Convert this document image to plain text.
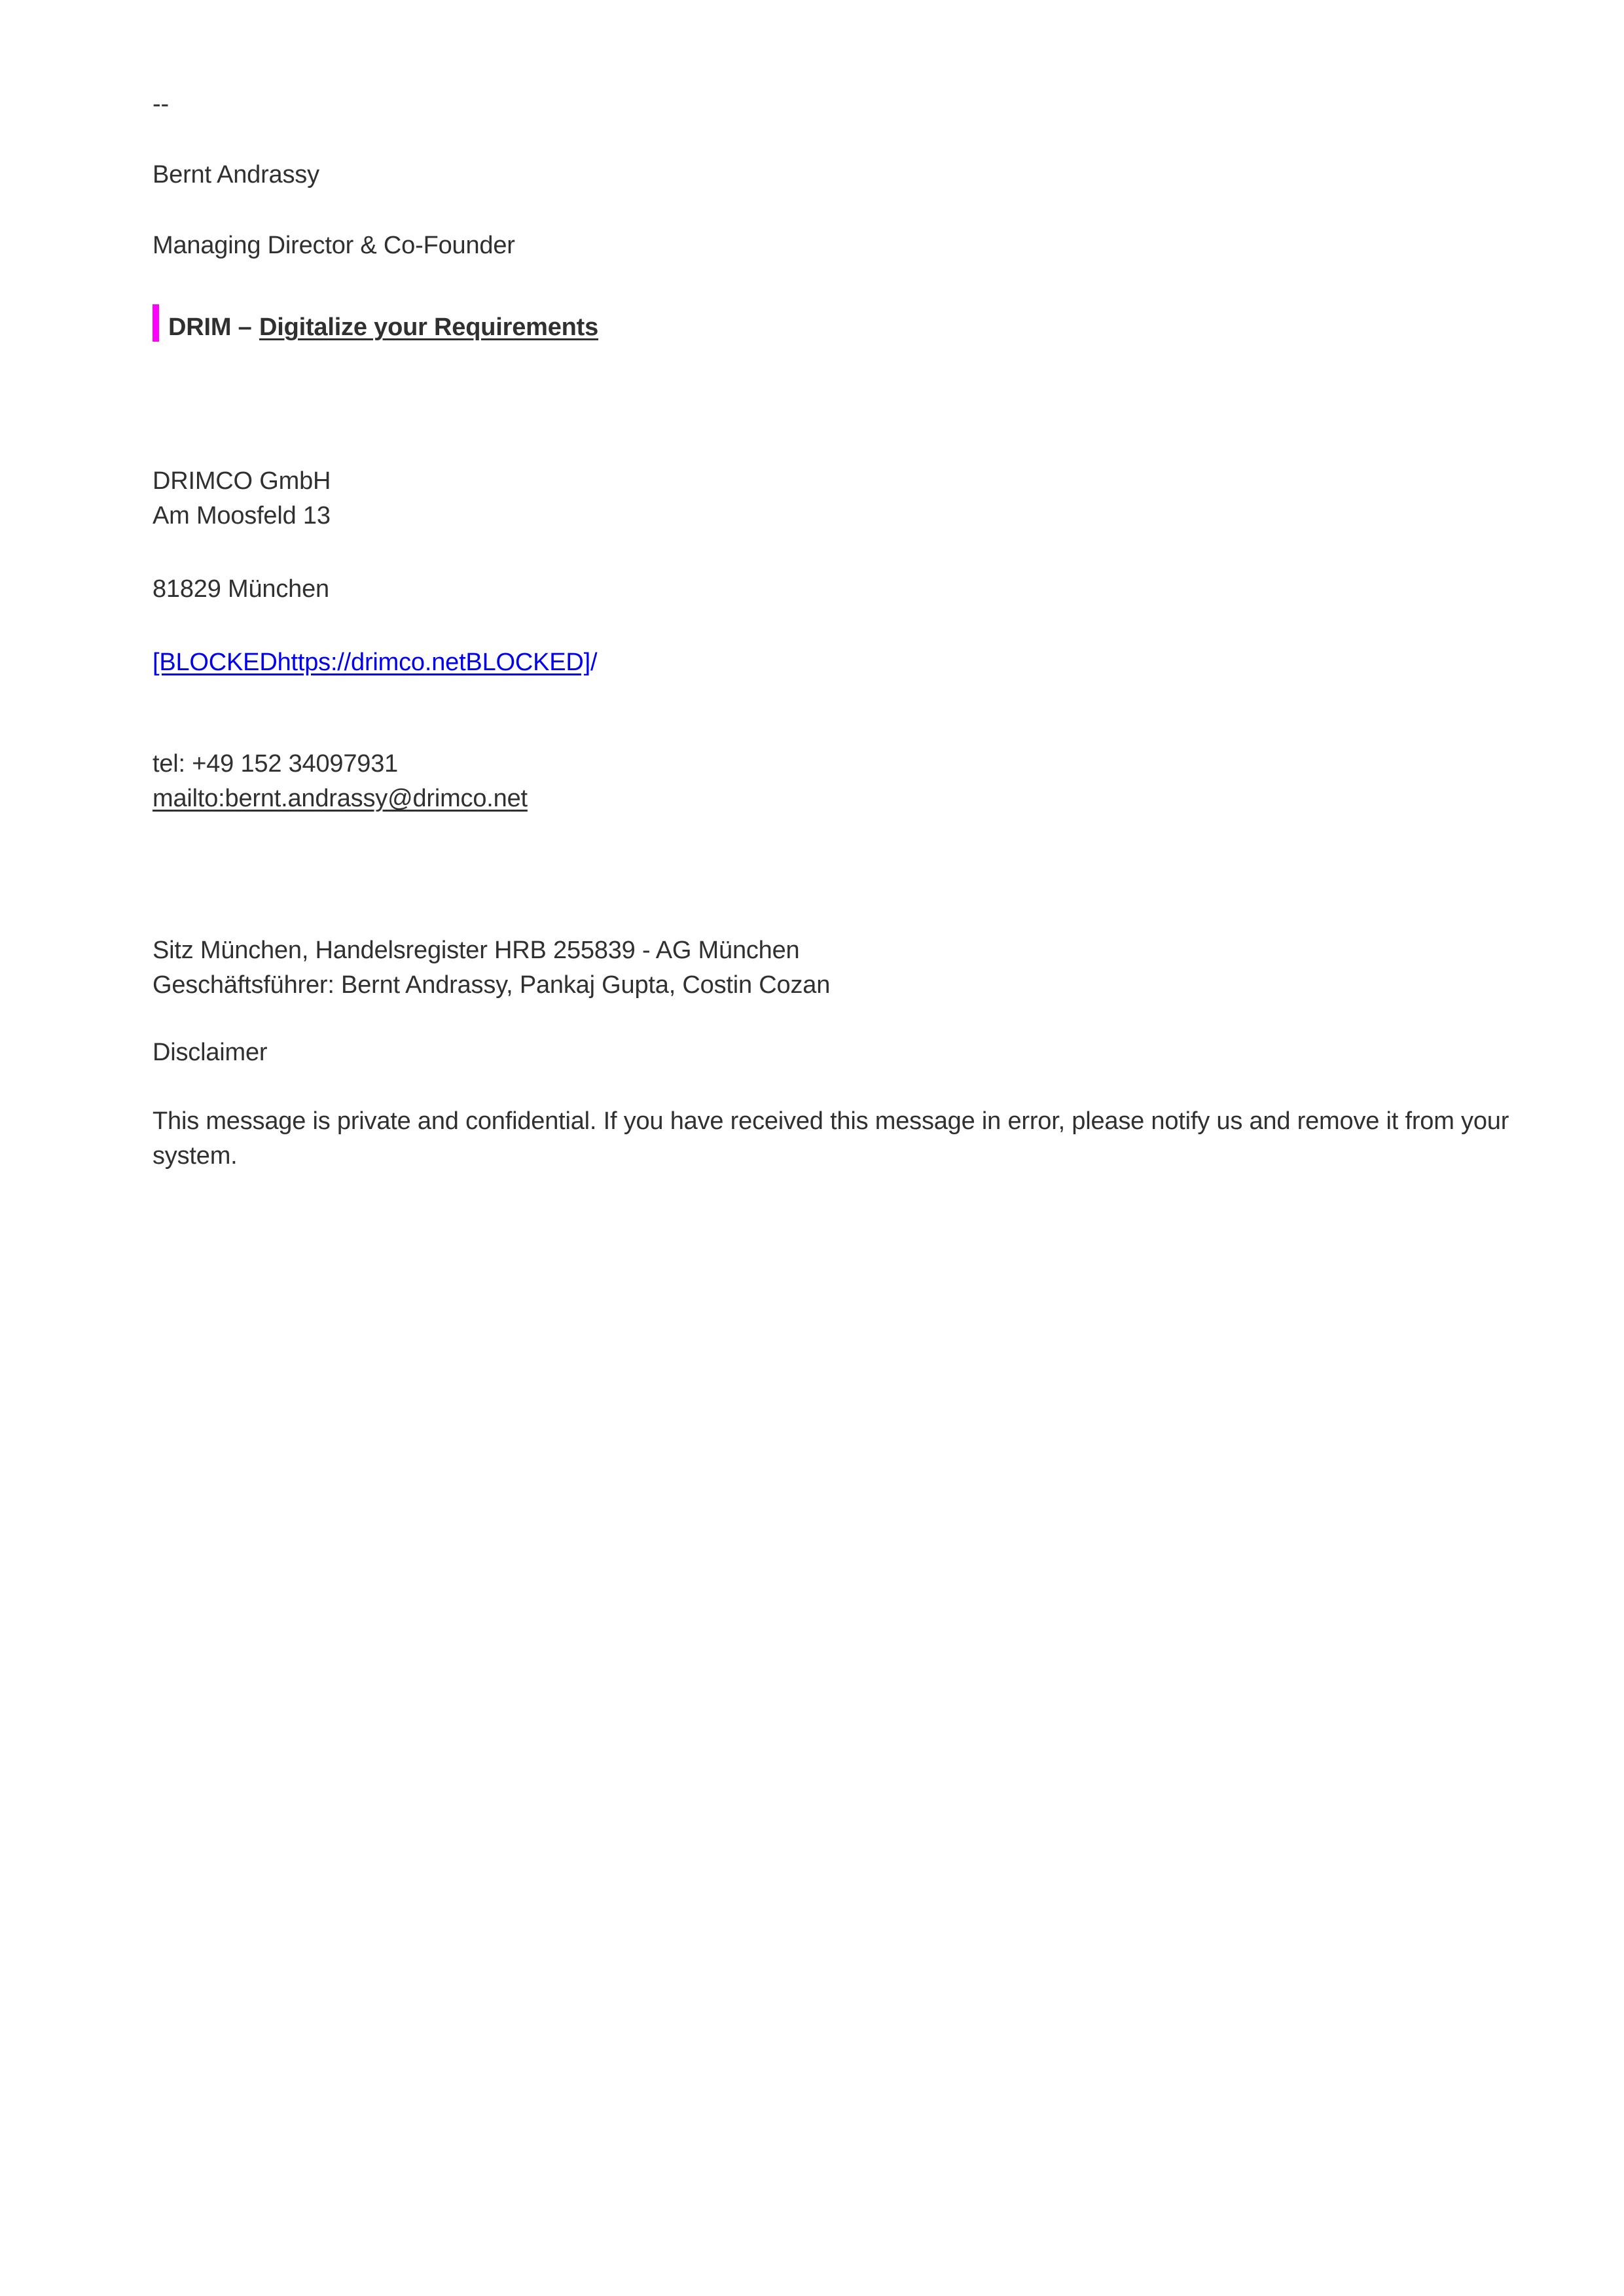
--

Bernt Andrassy

Managing Director & Co-Founder

DRIM – Digitalize your Requirements

DRIMCO GmbH
Am Moosfeld 13

81829 München

[BLOCKEDhttps://drimco.netBLOCKED]/

tel: +49 152 34097931
mailto:bernt.andrassy@drimco.net

Sitz München, Handelsregister HRB 255839 - AG München
Geschäftsführer: Bernt Andrassy, Pankaj Gupta, Costin Cozan

Disclaimer

This message is private and confidential. If you have received this message in error, please notify us and remove it from your system.
